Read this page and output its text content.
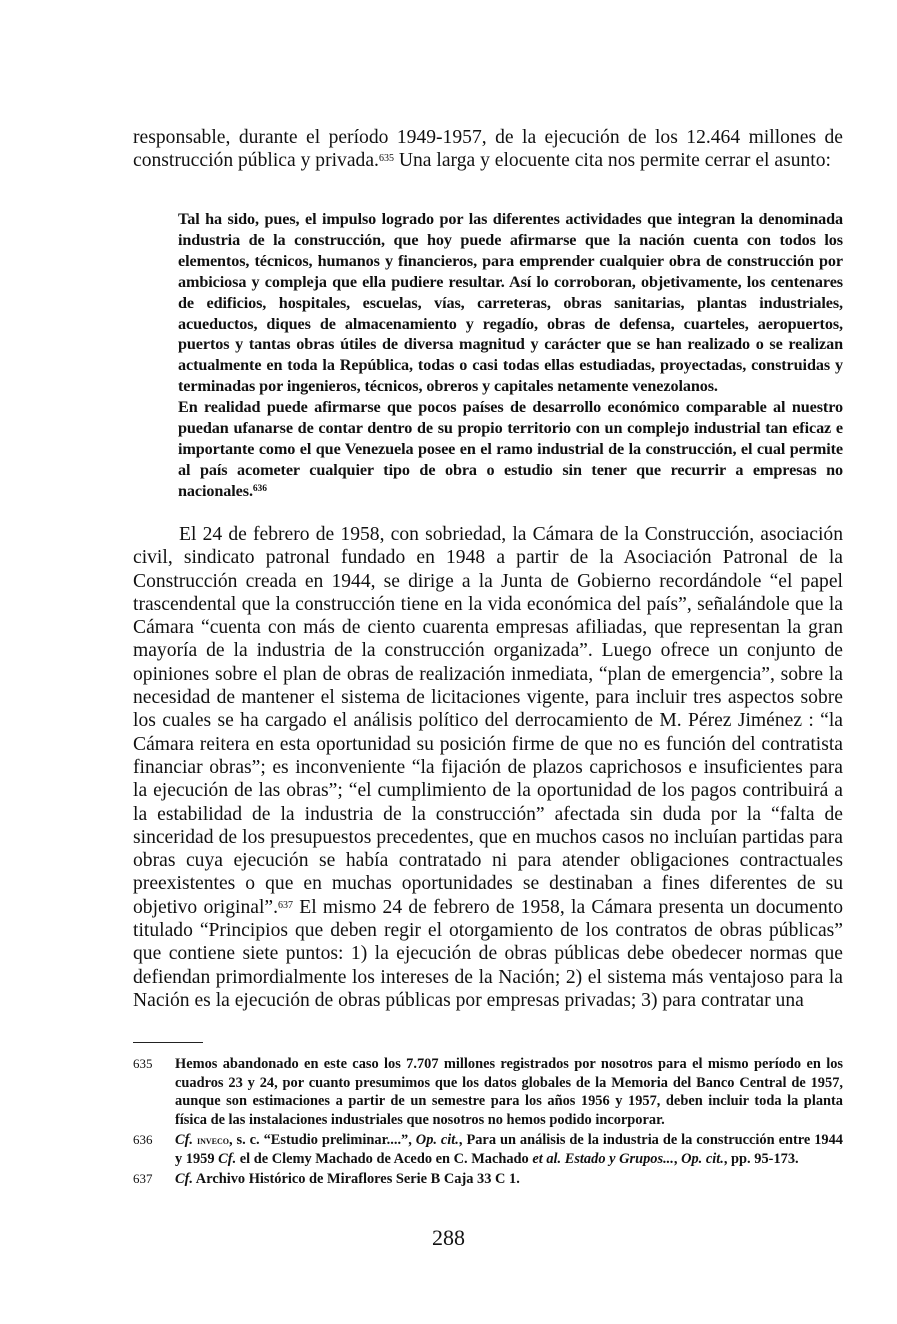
responsable, durante el período 1949-1957, de la ejecución de los 12.464 millones de construcción pública y privada.$^{635}$ Una larga y elocuente cita nos permite cerrar el asunto:

Tal ha sido, pues, el impulso logrado por las diferentes actividades que integran la denominada industria de la construcción, que hoy puede afirmarse que la nación cuenta con todos los elementos, técnicos, humanos y financieros, para emprender cualquier obra de construcción por ambiciosa y compleja que ella pudiere resultar. Así lo corroboran, objetivamente, los centenares de edificios, hospitales, escuelas, vías, carreteras, obras sanitarias, plantas industriales, acueductos, diques de almacenamiento y regadío, obras de defensa, cuarteles, aeropuertos, puertos y tantas obras útiles de diversa magnitud y carácter que se han realizado o se realizan actualmente en toda la República, todas o casi todas ellas estudiadas, proyectadas, construidas y terminadas por ingenieros, técnicos, obreros y capitales netamente venezolanos.

En realidad puede afirmarse que pocos países de desarrollo económico comparable al nuestro puedan ufanarse de contar dentro de su propio territorio con un complejo industrial tan eficaz e importante como el que Venezuela posee en el ramo industrial de la construcción, el cual permite al país acometer cualquier tipo de obra o estudio sin tener que recurrir a empresas no nacionales.$^{636}$

El 24 de febrero de 1958, con sobriedad, la Cámara de la Construcción, asociación civil, sindicato patronal fundado en 1948 a partir de la Asociación Patronal de la Construcción creada en 1944, se dirige a la Junta de Gobierno recordándole “el papel trascendental que la construcción tiene en la vida económica del país”, señalándole que la Cámara “cuenta con más de ciento cuarenta empresas afiliadas, que representan la gran mayoría de la industria de la construcción organizada”. Luego ofrece un conjunto de opiniones sobre el plan de obras de realización inmediata, “plan de emergencia”, sobre la necesidad de mantener el sistema de licitaciones vigente, para incluir tres aspectos sobre los cuales se ha cargado el análisis político del derrocamiento de M. Pérez Jiménez : “la Cámara reitera en esta oportunidad su posición firme de que no es función del contratista financiar obras”; es inconveniente “la fijación de plazos caprichosos e insuficientes para la ejecución de las obras”; “el cumplimiento de la oportunidad de los pagos contribuirá a la estabilidad de la industria de la construcción” afectada sin duda por la “falta de sinceridad de los presupuestos precedentes, que en muchos casos no incluían partidas para obras cuya ejecución se había contratado ni para atender obligaciones contractuales preexistentes o que en muchas oportunidades se destinaban a fines diferentes de su objetivo original”.$^{637}$ El mismo 24 de febrero de 1958, la Cámara presenta un documento titulado “Principios que deben regir el otorgamiento de los contratos de obras públicas” que contiene siete puntos: 1) la ejecución de obras públicas debe obedecer normas que defiendan primordialmente los intereses de la Nación; 2) el sistema más ventajoso para la Nación es la ejecución de obras públicas por empresas privadas; 3) para contratar una
635 Hemos abandonado en este caso los 7.707 millones registrados por nosotros para el mismo período en los cuadros 23 y 24, por cuanto presumimos que los datos globales de la Memoria del Banco Central de 1957, aunque son estimaciones a partir de un semestre para los años 1956 y 1957, deben incluir toda la planta física de las instalaciones industriales que nosotros no hemos podido incorporar.
636 Cf. inveco, s. c. “Estudio preliminar....”, Op. cit., Para un análisis de la industria de la construcción entre 1944 y 1959 Cf. el de Clemy Machado de Acedo en C. Machado et al. Estado y Grupos..., Op. cit., pp. 95-173.
637 Cf. Archivo Histórico de Miraflores Serie B Caja 33 C 1.
288
